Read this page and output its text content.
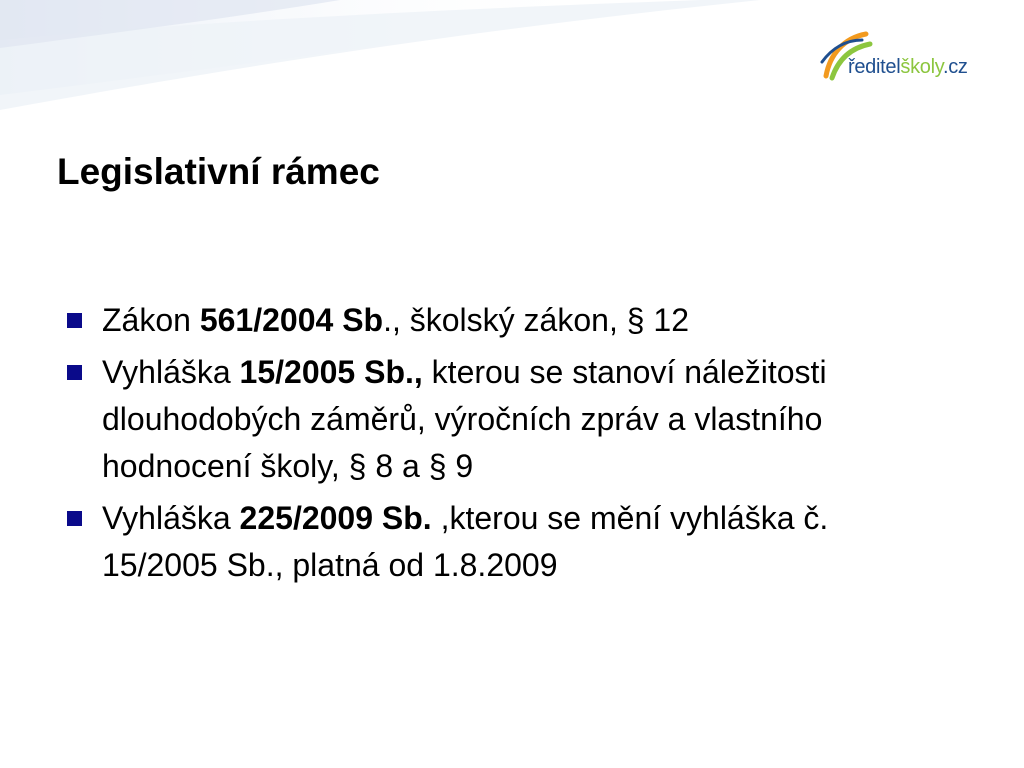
ředitelškoly.cz
Legislativní rámec
Zákon 561/2004 Sb., školský zákon, § 12
Vyhláška 15/2005 Sb., kterou se stanoví náležitosti dlouhodobých záměrů, výročních zpráv a vlastního hodnocení školy, § 8 a § 9
Vyhláška 225/2009 Sb. ,kterou se mění vyhláška č. 15/2005 Sb., platná od 1.8.2009
